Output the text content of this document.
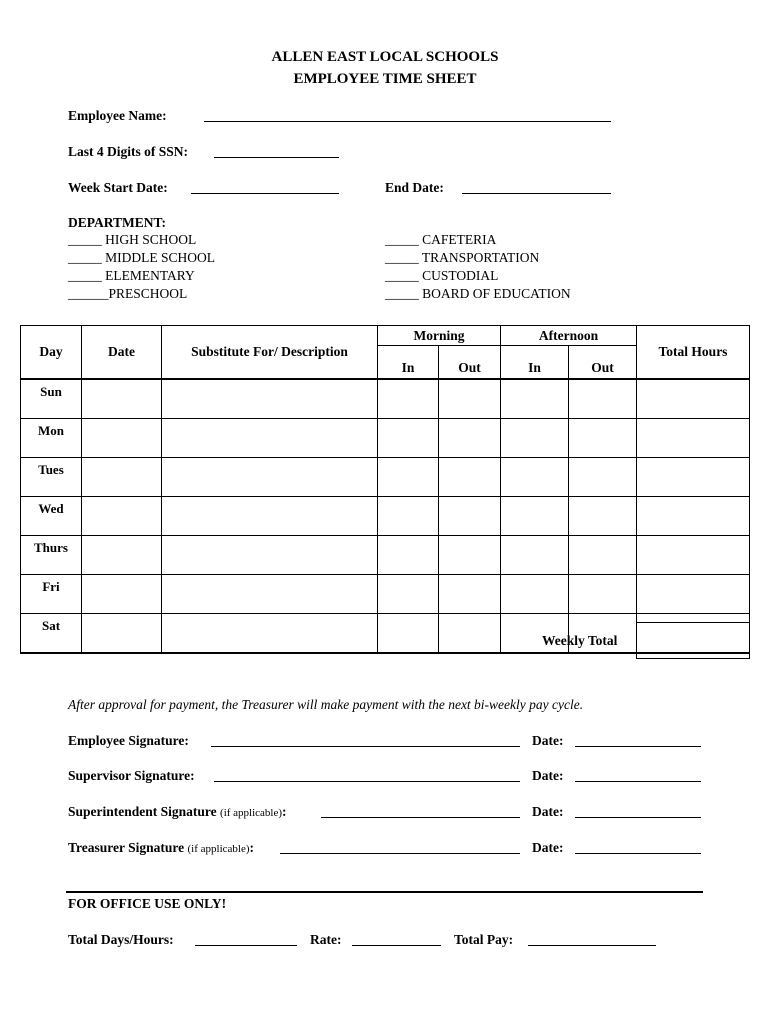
ALLEN EAST LOCAL SCHOOLS
EMPLOYEE TIME SHEET
Employee Name:
Last 4 Digits of SSN:
Week Start Date:	End Date:
DEPARTMENT:
_____ HIGH SCHOOL
_____ MIDDLE SCHOOL
_____ ELEMENTARY
______PRESCHOOL
_____ CAFETERIA
_____ TRANSPORTATION
_____ CUSTODIAL
_____ BOARD OF EDUCATION
Day	Date	Substitute For/ Description	Morning		Afternoon		Total Hours
			In	Out	In	Out	
Sun							
Mon							
Tues							
Wed							
Thurs							
Fri							
Sat							
Weekly Total
After approval for payment, the Treasurer will make payment with the next bi-weekly pay cycle.
Employee Signature:	Date:
Supervisor Signature:	Date:
Superintendent Signature (if applicable):	Date:
Treasurer Signature (if applicable):	Date:
FOR OFFICE USE ONLY!
Total Days/Hours:	Rate:	Total Pay:
